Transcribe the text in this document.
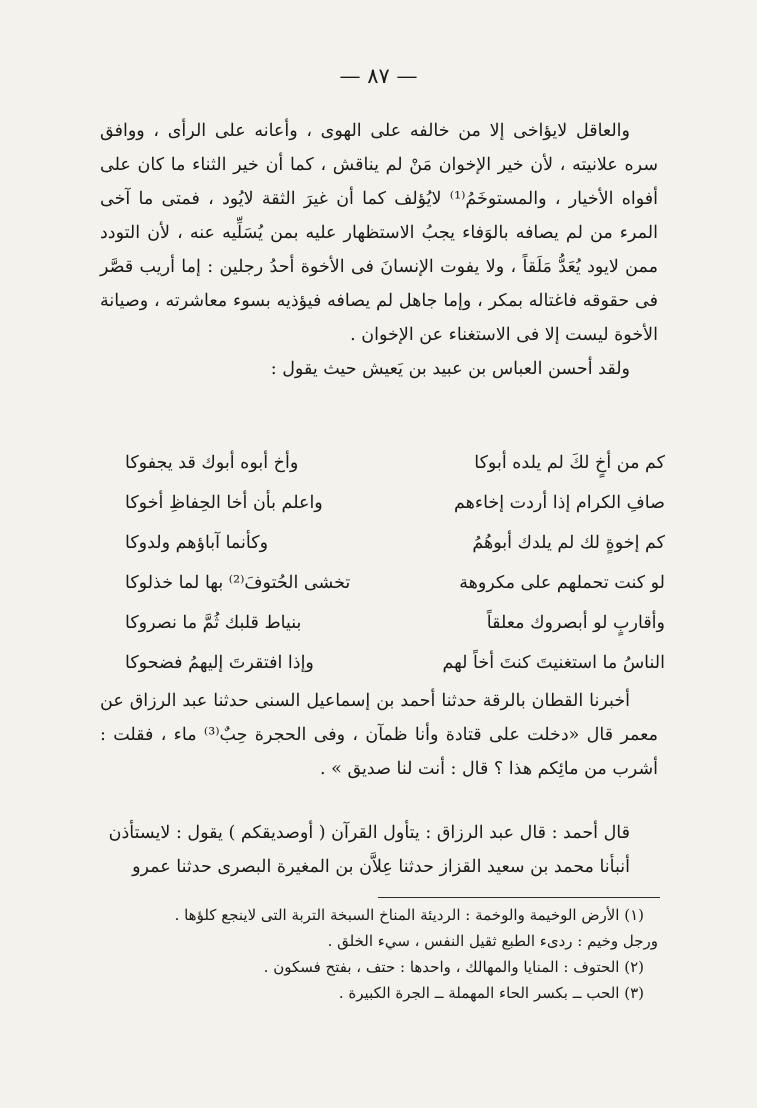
— ٨٧ —

والعاقل لايؤاخى إلا من خالفه على الهوى ، وأعانه على الرأى ، ووافق سره علانيته ، لأن خير الإخوان مَنْ لم يناقش ، كما أن خير الثناء ما كان على أفواه الأخيار ، والمستوخَمُ⁽¹⁾ لايُؤلف كما أن غيرَ الثقة لايُود ، فمتى ما آخى المرء من لم يصافه بالوَفاء يجبُ الاستظهار عليه بمن يُسَلِّيه عنه ، لأن التودد ممن لايود يُعَدُّ مَلَقاً ، ولا يفوت الإنسانَ فى الأخوة أحدُ رجلين : إما أريب قصَّر فى حقوقه فاغتاله بمكر ، وإما جاهل لم يصافه فيؤذيه بسوء معاشرته ، وصيانة الأخوة ليست إلا فى الاستغناء عن الإخوان .

ولقد أحسن العباس بن عبيد بن يَعيش حيث يقول :

كم من أخٍ لكَ لم يلده أبوكا
وأخ أبوه أبوك قد يجفوكا
صافِ الكرام إذا أردت إخاءهم
واعلم بأن أخا الحِفاظِ أخوكا
كم إخوةٍ لك لم يلدك أبوهُمُ
وكأنما آباؤهم ولدوكا
لو كنت تحملهم على مكروهة
تخشى الحُتوفَ⁽²⁾ بها لما خذلوكا
وأقاربٍ لو أبصروك معلقاً
بنياط قلبك ثُمَّ ما نصروكا
الناسُ ما استغنيتَ كنتَ أخاً لهم
وإذا افتقرتَ إليهمُ فضحوكا

أخبرنا القطان بالرقة حدثنا أحمد بن إسماعيل السنى حدثنا عبد الرزاق عن معمر قال «دخلت على قتادة وأنا ظمآن ، وفى الحجرة حِبٌ⁽³⁾ ماء ، فقلت : أشرب من مائِكم هذا ؟ قال : أنت لنا صديق » .

قال أحمد : قال عبد الرزاق : يتأول القرآن ( أوصديقكم ) يقول : لايستأذن

أنبأنا محمد بن سعيد القزاز حدثنا عِلاَّن بن المغيرة البصرى حدثنا عمرو

(١) الأرض الوخيمة والوخمة : الرديئة المناخ السبخة التربة التى لاينجع كلؤها .

ورجل وخيم : ردىء الطبع ثقيل النفس ، سيء الخلق .

(٢) الحتوف : المنايا والمهالك ، واحدها : حتف ، بفتح فسكون .

(٣) الحب ــ بكسر الحاء المهملة ــ الجرة الكبيرة .
